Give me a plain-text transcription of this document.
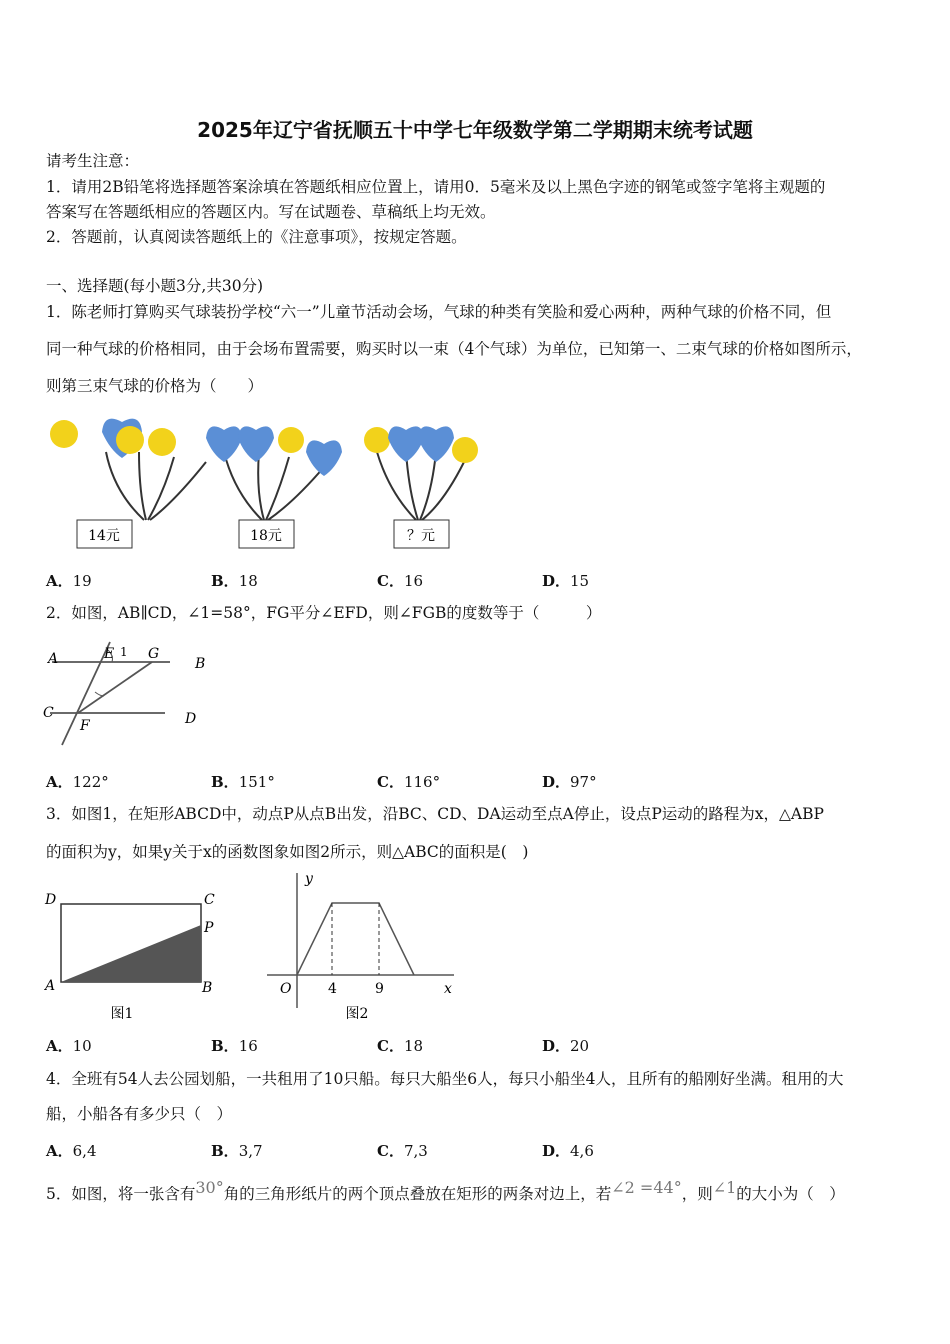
2025年辽宁省抚顺五十中学七年级数学第二学期期末统考试题
请考生注意：
1．请用2B铅笔将选择题答案涂填在答题纸相应位置上，请用0．5毫米及以上黑色字迹的钢笔或签字笔将主观题的
答案写在答题纸相应的答题区内。写在试题卷、草稿纸上均无效。
2．答题前，认真阅读答题纸上的《注意事项》，按规定答题。
一、选择题(每小题3分,共30分)
1．陈老师打算购买气球装扮学校“六一”儿童节活动会场，气球的种类有笑脸和爱心两种，两种气球的价格不同，但
同一种气球的价格相同，由于会场布置需要，购买时以一束（4个气球）为单位，已知第一、二束气球的价格如图所示，
则第三束气球的价格为（　　）
14元	18元	？元
A．19	B．18	C．16	D．15
2．如图，AB∥CD，∠1=58°，FG平分∠EFD，则∠FGB的度数等于（　　　）
A	E 1 G
B
C
F	D
A．122°	B．151°	C．116°	D．97°
3．如图1，在矩形ABCD中，动点P从点B出发，沿BC、CD、DA运动至点A停止，设点P运动的路程为x，△ABP
的面积为y，如果y关于x的函数图象如图2所示，则△ABC的面积是(　)
D	C
P
A	B
图1
y
O	4	9	x
图2
A．10	B．16	C．18	D．20
4．全班有54人去公园划船，一共租用了10只船。每只大船坐6人，每只小船坐4人，且所有的船刚好坐满。租用的大
船，小船各有多少只（　）
A．6,4	B．3,7	C．7,3	D．4,6
5．如图，将一张含有30°角的三角形纸片的两个顶点叠放在矩形的两条对边上，若∠2 =44°，则∠1的大小为（　）
